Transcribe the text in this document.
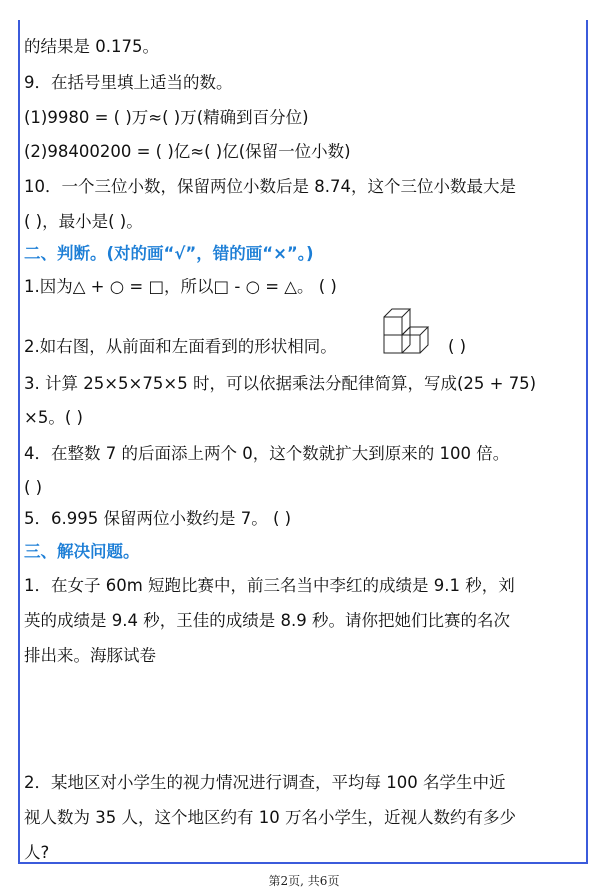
的结果是 0.175。
9．在括号里填上适当的数。
(1)9980 = ( )万≈( )万(精确到百分位)
(2)98400200 = ( )亿≈( )亿(保留一位小数)
10．一个三位小数，保留两位小数后是 8.74，这个三位小数最大是
( )，最小是( )。
二、判断。(对的画“√”，错的画“×”。)
1.因为△ + ○ = □，所以□ - ○ = △。 ( )
2.如右图，从前面和左面看到的形状相同。	( )
3. 计算 25×5×75×5 时，可以依据乘法分配律简算，写成(25 + 75)
×5。( )
4．在整数 7 的后面添上两个 0，这个数就扩大到原来的 100 倍。
( )
5．6.995 保留两位小数约是 7。 ( )
三、解决问题。
1．在女子 60m 短跑比赛中，前三名当中李红的成绩是 9.1 秒，刘
英的成绩是 9.4 秒，王佳的成绩是 8.9 秒。请你把她们比赛的名次
排出来。海豚试卷
2．某地区对小学生的视力情况进行调查，平均每 100 名学生中近
视人数为 35 人，这个地区约有 10 万名小学生，近视人数约有多少
人?
第2页, 共6页
